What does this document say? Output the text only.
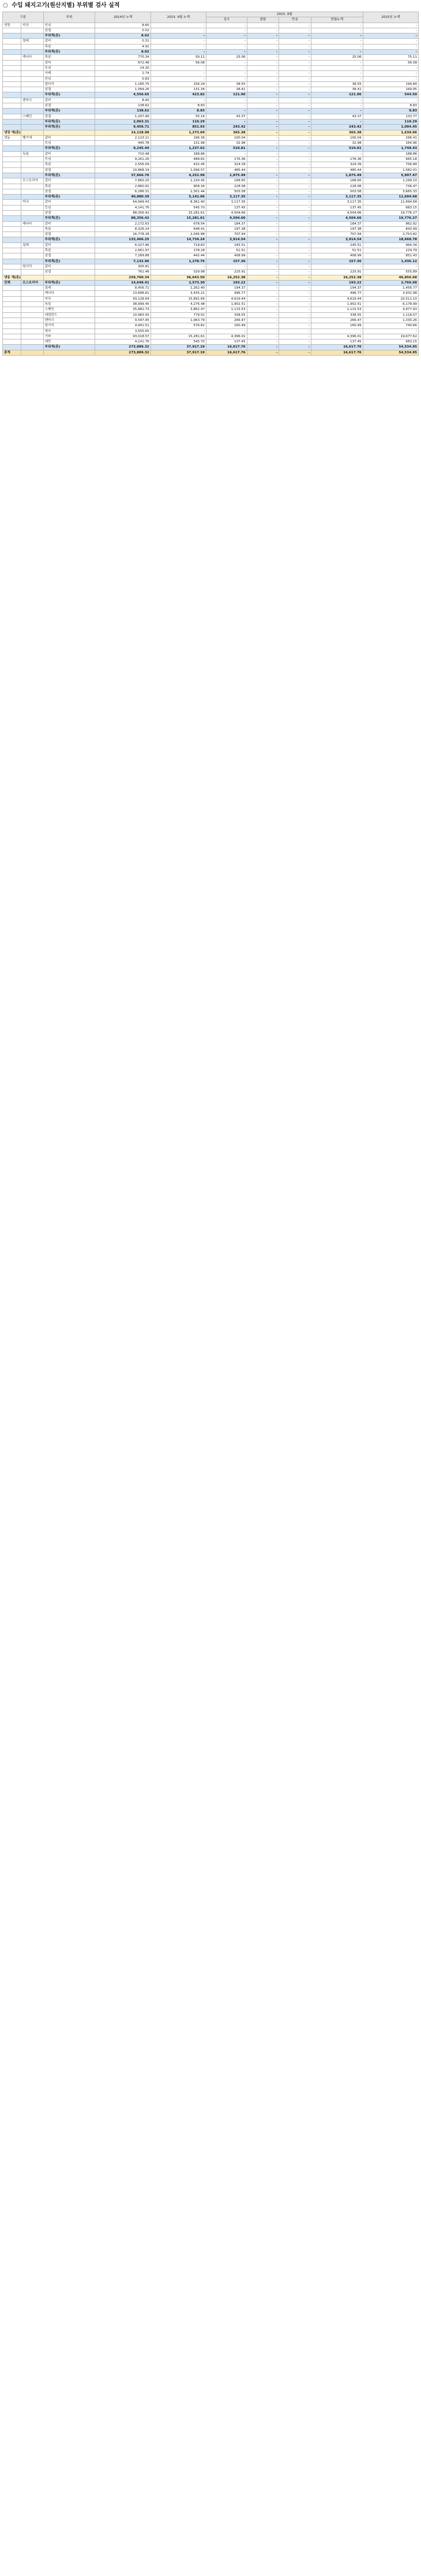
○ 수입 돼지고기(원산지별) 부위별 검사 실적
구분		부위	2014년 누계	2015. 9월 누계	2015. 9월				2015년 누계
					검사	불합	반송	당월누계	
냉장	미국	안심	8.60	-	-	-	-	-	-
		삼겹	0.02	-	-	-	-	-	-
		부위계(톤)	8.62	-	-	-	-	-	-
	칠레	갈비	0.31	-	-	-	-	-	-
		목살	4.92	-	-	-	-	-	-
		부위계(톤)	8.02	-	-	-	-	-	-
	캐나다	목살	770.34	50.11	25.06	-	-	25.06	75.11
		갈비	672.48	56.08	-	-	-	-	56.08
		등심	14.20	-	-	-	-	-	-
		사태	1.74	-	-	-	-	-	-
		안심	0.83	-	-	-	-	-	-
		앞다리	1,185.75	156.29	38.55	-	-	38.55	194.84
		삼겹	1,064.26	131.34	38.41	-	-	38.41	169.95
		부위계(톤)	4,556.65	423.82	121.96	-	-	121.96	544.59
	덴마크	갈비	8.40	-	-	-	-	-	-
		삼겹	138.62	8.83	-	-	-	-	8.83
		부위계(톤)	138.62	8.83	-	-	-	-	8.83
	스페인	삼겹	1,207.90	55.14	43.37	-	-	43.37	133.77
		부위계(톤)	2,063.31	110.29	-	-	-	-	110.29
		부위계(톤)	9,456.71	851.93	243.42	-	-	243.42	1,094.45
냉장 계(톤)			14,128.98	1,273.69	365.38	-	-	365.38	1,639.06
냉동	벨기에	갈비	2,123.11	196.36	100.04	-	-	100.04	296.41
		등심	445.78	131.98	32.98	-	-	32.98	164.96
		부위계(톤)	9,245.44	1,237.62	510.81	-	-	510.81	1,748.43
	독일	갈비	710.48	188.86	-	-	-	-	188.86
		등심	9,261.26	488.82	176.36	-	-	176.36	665.18
		목살	2,556.09	432.45	324.39	-	-	324.39	756.84
		삼겹	10,868.19	1,096.57	485.44	-	-	485.44	1,582.01
		부위계(톤)	37,666.76	4,252.98	1,875.49	-	-	1,875.49	5,997.47
	오스트리아	갈비	7,860.25	1,130.45	168.65	-	-	168.65	1,299.10
		목살	2,860.91	908.34	228.08	-	-	228.08	736.47
		삼겹	6,286.31	2,301.44	503.58	-	-	503.58	3,665.33
		부위계(톤)	40,880.39	5,142.06	3,117.35	-	-	3,117.35	11,694.68
	미국	갈비	64,949.43	8,361.40	3,117.35	-	-	3,117.35	11,694.68
		등심	4,141.76	545.70	137.45	-	-	137.45	683.15
		삼겹	88,356.42	15,281.61	4,504.66	-	-	4,504.66	19,776.27
		부위계(톤)	88,356.42	15,281.61	4,504.66	-	-	4,504.66	19,776.27
	캐나다	갈비	2,172.63	678.54	184.37	-	-	184.37	862.92
		목살	8,326.24	648.41	197.38	-	-	197.38	843.99
		삼겹	16,778.28	2,045.88	707.94	-	-	707.94	2,753.82
		부위계(톤)	133,466.25	14,734.24	3,914.54	-	-	3,914.54	18,668.78
	칠레	갈비	6,027.96	718.83	245.51	-	-	245.51	964.34
		목살	2,661.97	178.28	51.51	-	-	51.51	229.79
		삼겹	7,289.88	442.44	408.99	-	-	408.99	851.43
		부위계(톤)	7,132.96	1,278.76	157.36	-	-	157.36	1,436.12
	헝가리	갈비	305.81	-	-	-	-	-	-
		삼겹	761.46	329.98	225.91	-	-	225.91	555.89
냉동 계(톤)			259,760.34	36,643.50	16,252.38	-	-	16,252.38	46,856.68
전체	오스트리아	부위계(톤)	14,648.41	2,573.30	193.22	-	-	193.22	2,766.68
		칠레	8,456.71	1,262.40	194.37	-	-	194.37	1,456.77
		캐나다	13,688.61	3,435.21	496.77	-	-	496.77	3,931.98
		미국	93,128.64	15,891.66	4,619.44	-	-	4,619.44	20,511.10
		독일	38,999.45	4,276.48	1,902.51	-	-	1,902.51	6,178.99
		스페인	35,882.73	3,862.47	1,115.53	-	-	1,115.53	4,977.93
		네덜란드	10,983.93	779.52	338.55	-	-	338.55	1,118.07
		덴마크	9,597.45	1,063.79	266.47	-	-	266.47	1,330.26
		헝가리	4,941.51	576.82	160.49	-	-	160.49	740.66
		영국	3,555.65	-	-	-	-	-	-
		기타	93,018.57	15,281.61	4,396.01	-	-	4,396.01	19,677.62
		대만	4,141.76	545.70	137.45	-	-	137.45	683.15
		부위계(톤)	273,889.32	37,917.19	16,617.76	-	-	16,617.76	54,534.95
총계			273,889.32	37,917.19	16,617.76	-	-	16,617.76	54,534.95
